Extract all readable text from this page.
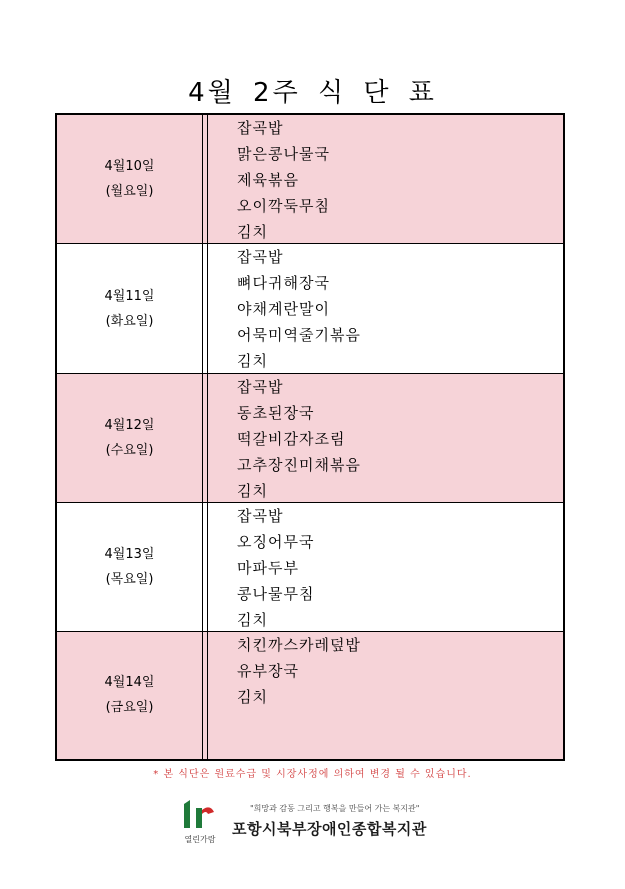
4월 2주 식 단 표
4월10일
(월요일)
잡곡밥
맑은콩나물국
제육볶음
오이깍둑무침
김치
4월11일
(화요일)
잡곡밥
뼈다귀해장국
야채계란말이
어묵미역줄기볶음
김치
4월12일
(수요일)
잡곡밥
동초된장국
떡갈비감자조림
고추장진미채볶음
김치
4월13일
(목요일)
잡곡밥
오징어무국
마파두부
콩나물무침
김치
4월14일
(금요일)
치킨까스카레덮밥
유부장국
김치
* 본 식단은 원료수급 및 시장사정에 의하여 변경 될 수 있습니다.
열린가람
"희망과 감동 그리고 행복을 만들어 가는 복지관"
포항시북부장애인종합복지관
